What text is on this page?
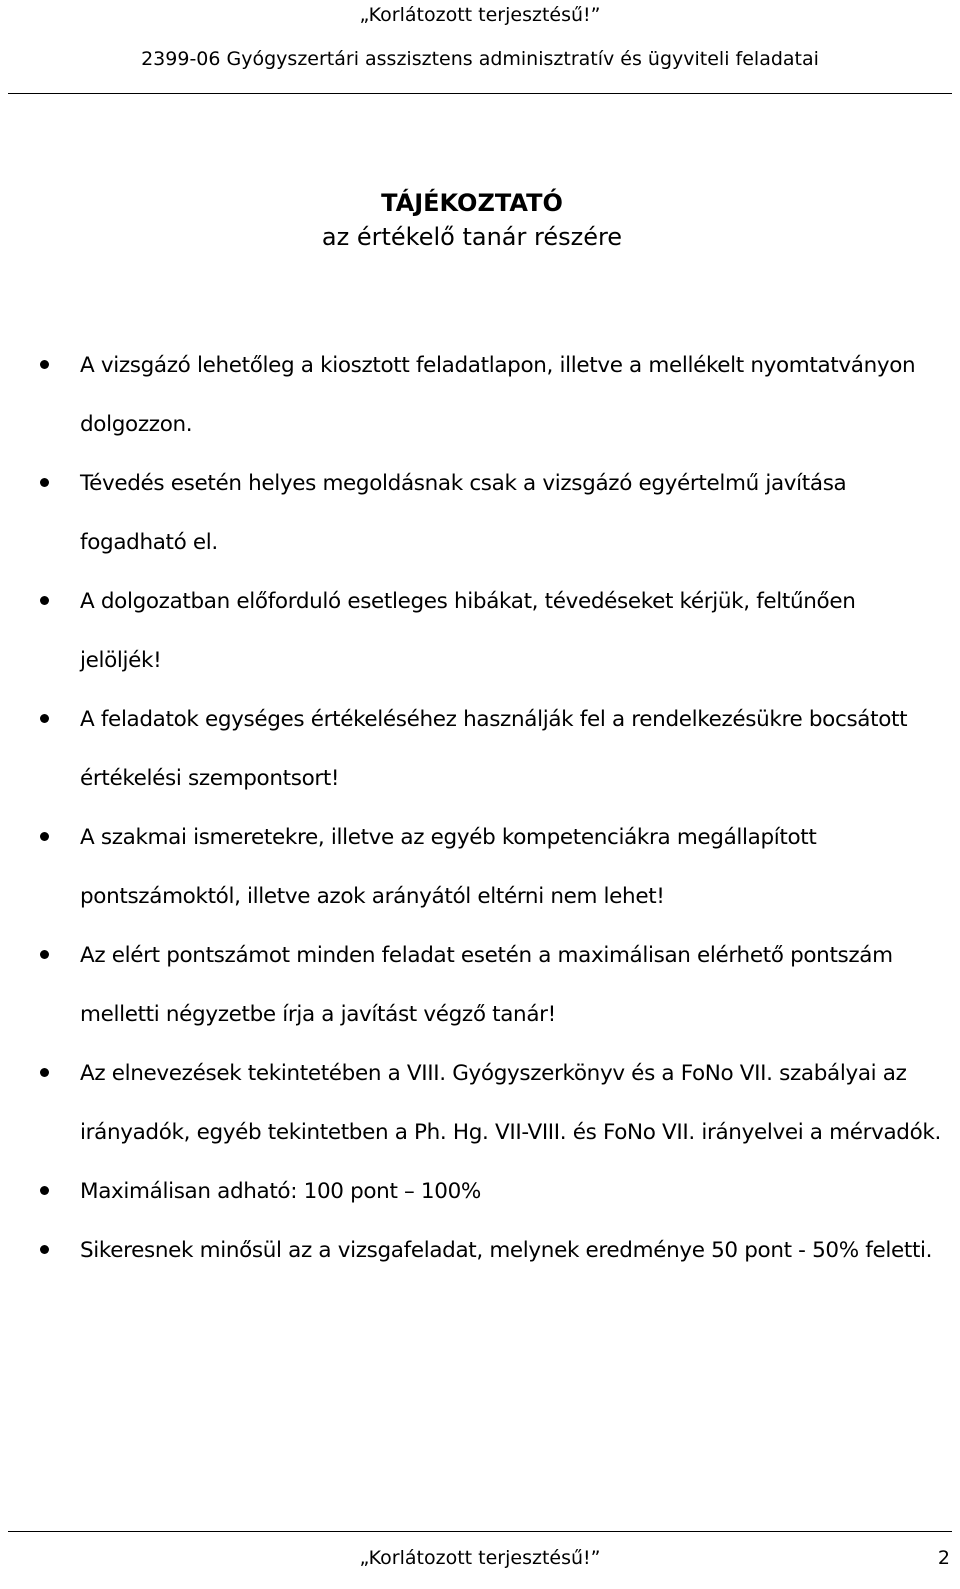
„Korlátozott terjesztésű!”
2399-06 Gyógyszertári asszisztens adminisztratív és ügyviteli feladatai
TÁJÉKOZTATÓ
az értékelő tanár részére
A vizsgázó lehetőleg a kiosztott feladatlapon, illetve a mellékelt nyomtatványon dolgozzon.
Tévedés esetén helyes megoldásnak csak a vizsgázó egyértelmű javítása fogadható el.
A dolgozatban előforduló esetleges hibákat, tévedéseket kérjük, feltűnően jelöljék!
A feladatok egységes értékeléséhez használják fel a rendelkezésükre bocsátott értékelési szempontsort!
A szakmai ismeretekre, illetve az egyéb kompetenciákra megállapított pontszámoktól, illetve azok arányától eltérni nem lehet!
Az elért pontszámot minden feladat esetén a maximálisan elérhető pontszám melletti négyzetbe írja a javítást végző tanár!
Az elnevezések tekintetében a VIII. Gyógyszerkönyv és a FoNo VII. szabályai az irányadók, egyéb tekintetben a Ph. Hg. VII-VIII. és FoNo VII. irányelvei a mérvadók.
Maximálisan adható: 100 pont – 100%
Sikeresnek minősül az a vizsgafeladat, melynek eredménye 50 pont - 50% feletti.
„Korlátozott terjesztésű!”	2
